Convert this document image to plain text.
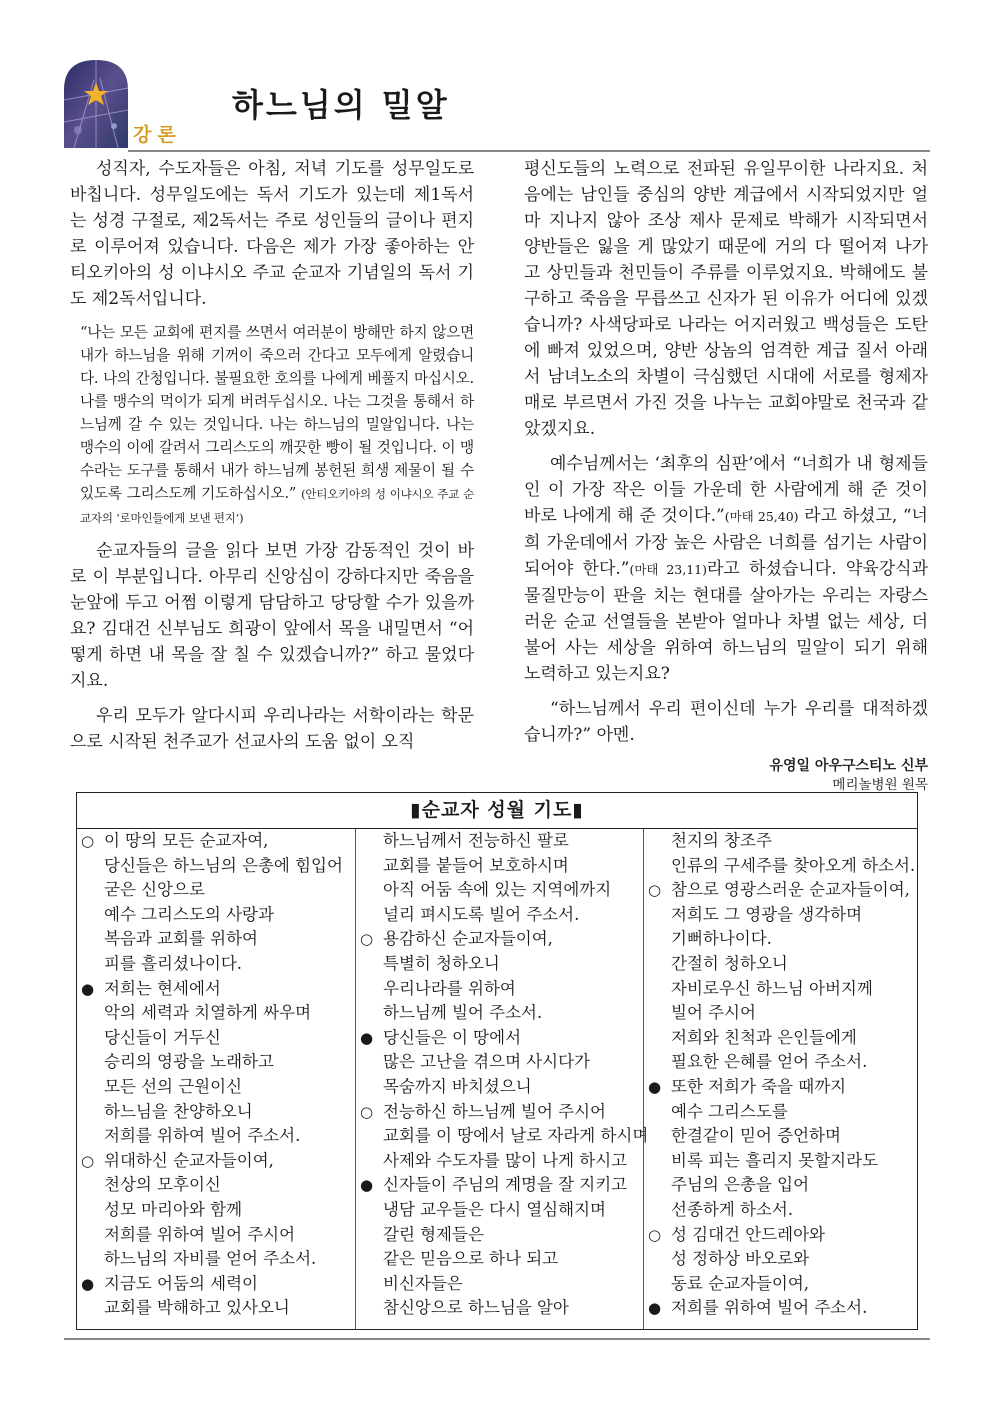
강론
하느님의 밀알

성직자, 수도자들은 아침, 저녁 기도를 성무일도로 바칩니다. 성무일도에는 독서 기도가 있는데 제1독서는 성경 구절로, 제2독서는 주로 성인들의 글이나 편지로 이루어져 있습니다. 다음은 제가 가장 좋아하는 안티오키아의 성 이냐시오 주교 순교자 기념일의 독서 기도 제2독서입니다.

“나는 모든 교회에 편지를 쓰면서 여러분이 방해만 하지 않으면 내가 하느님을 위해 기꺼이 죽으러 간다고 모두에게 알렸습니다. 나의 간청입니다. 불필요한 호의를 나에게 베풀지 마십시오. 나를 맹수의 먹이가 되게 버려두십시오. 나는 그것을 통해서 하느님께 갈 수 있는 것입니다. 나는 하느님의 밀알입니다. 나는 맹수의 이에 갈려서 그리스도의 깨끗한 빵이 될 것입니다. 이 맹수라는 도구를 통해서 내가 하느님께 봉헌된 희생 제물이 될 수 있도록 그리스도께 기도하십시오.” (안티오키아의 성 이냐시오 주교 순교자의 ‘로마인들에게 보낸 편지’)

순교자들의 글을 읽다 보면 가장 감동적인 것이 바로 이 부분입니다. 아무리 신앙심이 강하다지만 죽음을 눈앞에 두고 어쩜 이렇게 담담하고 당당할 수가 있을까요? 김대건 신부님도 희광이 앞에서 목을 내밀면서 “어떻게 하면 내 목을 잘 칠 수 있겠습니까?” 하고 물었다지요.

우리 모두가 알다시피 우리나라는 서학이라는 학문으로 시작된 천주교가 선교사의 도움 없이 오직

평신도들의 노력으로 전파된 유일무이한 나라지요. 처음에는 남인들 중심의 양반 계급에서 시작되었지만 얼마 지나지 않아 조상 제사 문제로 박해가 시작되면서 양반들은 잃을 게 많았기 때문에 거의 다 떨어져 나가고 상민들과 천민들이 주류를 이루었지요. 박해에도 불구하고 죽음을 무릅쓰고 신자가 된 이유가 어디에 있겠습니까? 사색당파로 나라는 어지러웠고 백성들은 도탄에 빠져 있었으며, 양반 상놈의 엄격한 계급 질서 아래서 남녀노소의 차별이 극심했던 시대에 서로를 형제자매로 부르면서 가진 것을 나누는 교회야말로 천국과 같았겠지요.

예수님께서는 ‘최후의 심판’에서 “너희가 내 형제들인 이 가장 작은 이들 가운데 한 사람에게 해 준 것이 바로 나에게 해 준 것이다.”(마태 25,40) 라고 하셨고, “너희 가운데에서 가장 높은 사람은 너희를 섬기는 사람이 되어야 한다.”(마태 23,11)라고 하셨습니다. 약육강식과 물질만능이 판을 치는 현대를 살아가는 우리는 자랑스러운 순교 선열들을 본받아 얼마나 차별 없는 세상, 더불어 사는 세상을 위하여 하느님의 밀알이 되기 위해 노력하고 있는지요?

“하느님께서 우리 편이신데 누가 우리를 대적하겠습니까?” 아멘.

유영일 아우구스티노 신부
메리놀병원 원목
▮순교자 성월 기도▮
○ 이 땅의 모든 순교자여,
당신들은 하느님의 은총에 힘입어
굳은 신앙으로
예수 그리스도의 사랑과
복음과 교회를 위하여
피를 흘리셨나이다.
● 저희는 현세에서
악의 세력과 치열하게 싸우며
당신들이 거두신
승리의 영광을 노래하고
모든 선의 근원이신
하느님을 찬양하오니
저희를 위하여 빌어 주소서.
○ 위대하신 순교자들이여,
천상의 모후이신
성모 마리아와 함께
저희를 위하여 빌어 주시어
하느님의 자비를 얻어 주소서.
● 지금도 어둠의 세력이
교회를 박해하고 있사오니
하느님께서 전능하신 팔로
교회를 붙들어 보호하시며
아직 어둠 속에 있는 지역에까지
널리 펴시도록 빌어 주소서.
○ 용감하신 순교자들이여,
특별히 청하오니
우리나라를 위하여
하느님께 빌어 주소서.
● 당신들은 이 땅에서
많은 고난을 겪으며 사시다가
목숨까지 바치셨으니
○ 전능하신 하느님께 빌어 주시어
교회를 이 땅에서 날로 자라게 하시며
사제와 수도자를 많이 나게 하시고
● 신자들이 주님의 계명을 잘 지키고
냉담 교우들은 다시 열심해지며
갈린 형제들은
같은 믿음으로 하나 되고
비신자들은
참신앙으로 하느님을 알아
천지의 창조주
인류의 구세주를 찾아오게 하소서.
○ 참으로 영광스러운 순교자들이여,
저희도 그 영광을 생각하며
기뻐하나이다.
간절히 청하오니
자비로우신 하느님 아버지께
빌어 주시어
저희와 친척과 은인들에게
필요한 은혜를 얻어 주소서.
● 또한 저희가 죽을 때까지
예수 그리스도를
한결같이 믿어 증언하며
비록 피는 흘리지 못할지라도
주님의 은총을 입어
선종하게 하소서.
○ 성 김대건 안드레아와
성 정하상 바오로와
동료 순교자들이여,
● 저희를 위하여 빌어 주소서.
